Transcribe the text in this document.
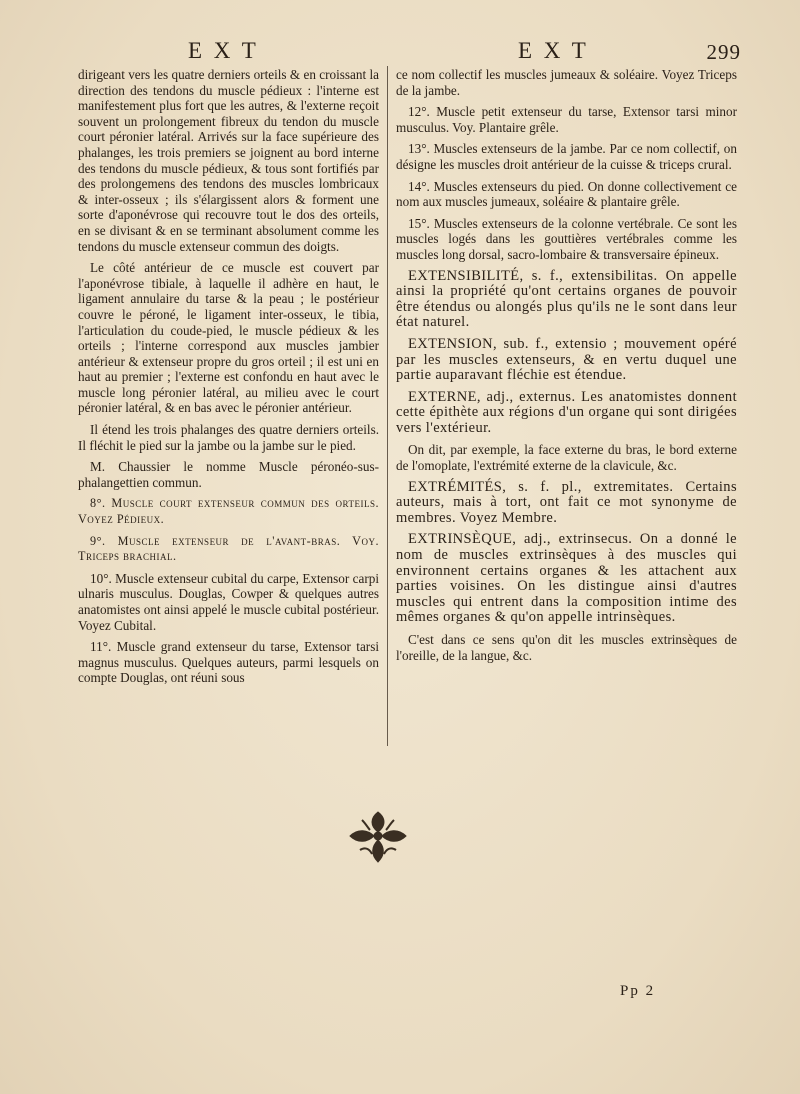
E X T	E X T	299

dirigeant vers les quatre derniers orteils & en croissant la direction des tendons du muscle pédieux : l'interne est manifestement plus fort que les autres, & l'externe reçoit souvent un prolongement fibreux du tendon du muscle court péronier latéral. Arrivés sur la face supérieure des phalanges, les trois premiers se joignent au bord interne des tendons du muscle pédieux, & tous sont fortifiés par des prolongemens des tendons des muscles lombricaux & inter-osseux ; ils s'élargissent alors & forment une sorte d'aponévrose qui recouvre tout le dos des orteils, en se divisant & en se terminant absolument comme les tendons du muscle extenseur commun des doigts.

Le côté antérieur de ce muscle est couvert par l'aponévrose tibiale, à laquelle il adhère en haut, le ligament annulaire du tarse & la peau ; le postérieur couvre le péroné, le ligament inter-osseux, le tibia, l'articulation du coude-pied, le muscle pédieux & les orteils ; l'interne correspond aux muscles jambier antérieur & extenseur propre du gros orteil ; il est uni en haut au premier ; l'externe est confondu en haut avec le muscle long péronier latéral, au milieu avec le court péronier latéral, & en bas avec le péronier antérieur.

Il étend les trois phalanges des quatre derniers orteils. Il fléchit le pied sur la jambe ou la jambe sur le pied.

M. Chaussier le nomme Muscle péronéo-sus-phalangettien commun.

8°. Muscle court extenseur commun des orteils. Voyez Pédieux.

9°. Muscle extenseur de l'avant-bras. Voy. Triceps brachial.

10°. Muscle extenseur cubital du carpe, Extensor carpi ulnaris musculus. Douglas, Cowper & quelques autres anatomistes ont ainsi appelé le muscle cubital postérieur. Voyez Cubital.

11°. Muscle grand extenseur du tarse, Extensor tarsi magnus musculus. Quelques auteurs, parmi lesquels on compte Douglas, ont réuni sous

ce nom collectif les muscles jumeaux & soléaire. Voyez Triceps de la jambe.

12°. Muscle petit extenseur du tarse, Extensor tarsi minor musculus. Voy. Plantaire grêle.

13°. Muscles extenseurs de la jambe. Par ce nom collectif, on désigne les muscles droit antérieur de la cuisse & triceps crural.

14°. Muscles extenseurs du pied. On donne collectivement ce nom aux muscles jumeaux, soléaire & plantaire grêle.

15°. Muscles extenseurs de la colonne vertébrale. Ce sont les muscles logés dans les gouttières vertébrales comme les muscles long dorsal, sacro-lombaire & transversaire épineux.

EXTENSIBILITÉ, s. f., extensibilitas. On appelle ainsi la propriété qu'ont certains organes de pouvoir être étendus ou alongés plus qu'ils ne le sont dans leur état naturel.

EXTENSION, sub. f., extensio ; mouvement opéré par les muscles extenseurs, & en vertu duquel une partie auparavant fléchie est étendue.

EXTERNE, adj., externus. Les anatomistes donnent cette épithète aux régions d'un organe qui sont dirigées vers l'extérieur.

On dit, par exemple, la face externe du bras, le bord externe de l'omoplate, l'extrémité externe de la clavicule, &c.

EXTRÉMITÉS, s. f. pl., extremitates. Certains auteurs, mais à tort, ont fait ce mot synonyme de membres. Voyez Membre.

EXTRINSÈQUE, adj., extrinsecus. On a donné le nom de muscles extrinsèques à des muscles qui environnent certains organes & les attachent aux parties voisines. On les distingue ainsi d'autres muscles qui entrent dans la composition intime des mêmes organes & qu'on appelle intrinsèques.

C'est dans ce sens qu'on dit les muscles extrinsèques de l'oreille, de la langue, &c.

Pp 2
